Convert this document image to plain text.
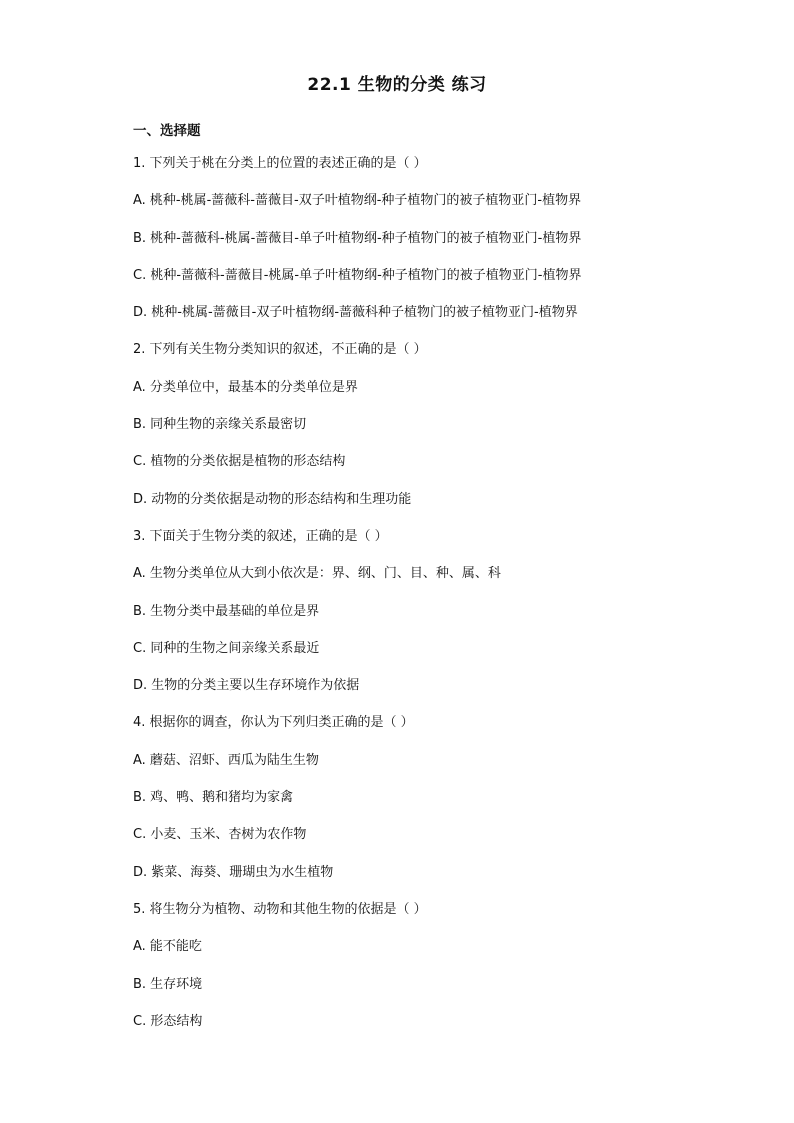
22.1 生物的分类 练习
一、选择题
1. 下列关于桃在分类上的位置的表述正确的是（ ）
A. 桃种-桃属-蔷薇科-蔷薇目-双子叶植物纲-种子植物门的被子植物亚门-植物界
B. 桃种-蔷薇科-桃属-蔷薇目-单子叶植物纲-种子植物门的被子植物亚门-植物界
C. 桃种-蔷薇科-蔷薇目-桃属-单子叶植物纲-种子植物门的被子植物亚门-植物界
D. 桃种-桃属-蔷薇目-双子叶植物纲-蔷薇科种子植物门的被子植物亚门-植物界
2. 下列有关生物分类知识的叙述，不正确的是（ ）
A. 分类单位中，最基本的分类单位是界
B. 同种生物的亲缘关系最密切
C. 植物的分类依据是植物的形态结构
D. 动物的分类依据是动物的形态结构和生理功能
3. 下面关于生物分类的叙述，正确的是（ ）
A. 生物分类单位从大到小依次是：界、纲、门、目、种、属、科
B. 生物分类中最基础的单位是界
C. 同种的生物之间亲缘关系最近
D. 生物的分类主要以生存环境作为依据
4. 根据你的调查，你认为下列归类正确的是（ ）
A. 蘑菇、沼虾、西瓜为陆生生物
B. 鸡、鸭、鹅和猪均为家禽
C. 小麦、玉米、杏树为农作物
D. 紫菜、海葵、珊瑚虫为水生植物
5. 将生物分为植物、动物和其他生物的依据是（ ）
A. 能不能吃
B. 生存环境
C. 形态结构
